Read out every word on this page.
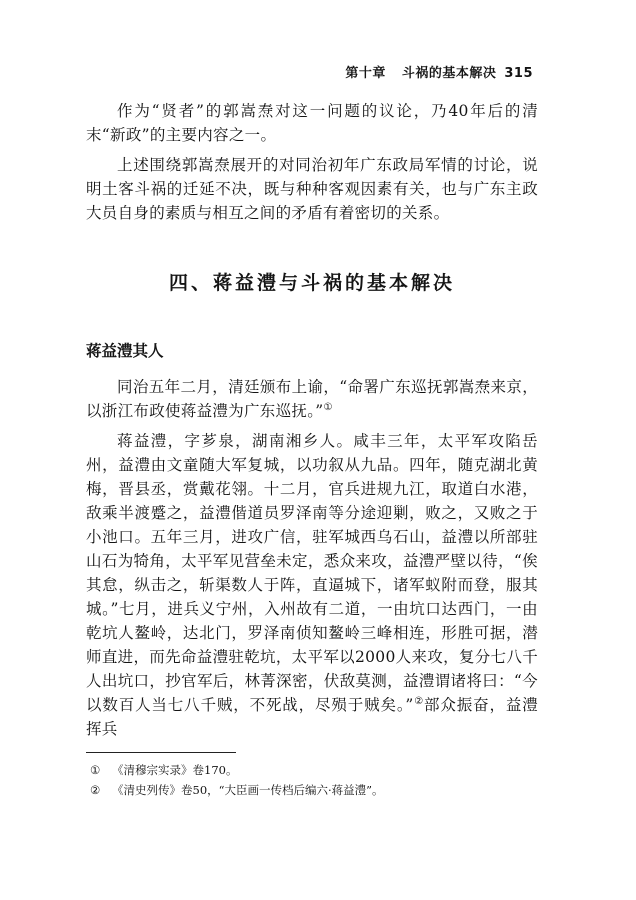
第十章 斗祸的基本解决 315

作为“贤者”的郭嵩焘对这一问题的议论，乃40年后的清末“新政”的主要内容之一。

上述围绕郭嵩焘展开的对同治初年广东政局军情的讨论，说明土客斗祸的迁延不决，既与种种客观因素有关，也与广东主政大员自身的素质与相互之间的矛盾有着密切的关系。

四、蒋益澧与斗祸的基本解决
蒋益澧其人

同治五年二月，清廷颁布上谕，“命署广东巡抚郭嵩焘来京，以浙江布政使蒋益澧为广东巡抚。”①

蒋益澧，字芗泉，湖南湘乡人。咸丰三年，太平军攻陷岳州，益澧由文童随大军复城，以功叙从九品。四年，随克湖北黄梅，晋县丞，赏戴花翎。十二月，官兵进规九江，取道白水港，敌乘半渡蹙之，益澧偕道员罗泽南等分途迎剿，败之，又败之于小池口。五年三月，进攻广信，驻军城西乌石山，益澧以所部驻山石为犄角，太平军见营垒未定，悉众来攻，益澧严壁以待，“俟其怠，纵击之，斩渠数人于阵，直逼城下，诸军蚁附而登，服其城。”七月，进兵义宁州，入州故有二道，一由坑口达西门，一由乾坑人鳌岭，达北门，罗泽南侦知鳌岭三峰相连，形胜可据，潜师直进，而先命益澧驻乾坑，太平军以2000人来攻，复分七八千人出坑口，抄官军后，林菁深密，伏敌莫测，益澧谓诸将曰：“今以数百人当七八千贼，不死战，尽殒于贼矣。”②部众振奋，益澧挥兵

① 《清穆宗实录》卷170。
② 《清史列传》卷50，“大臣画一传档后编六·蒋益澧”。
